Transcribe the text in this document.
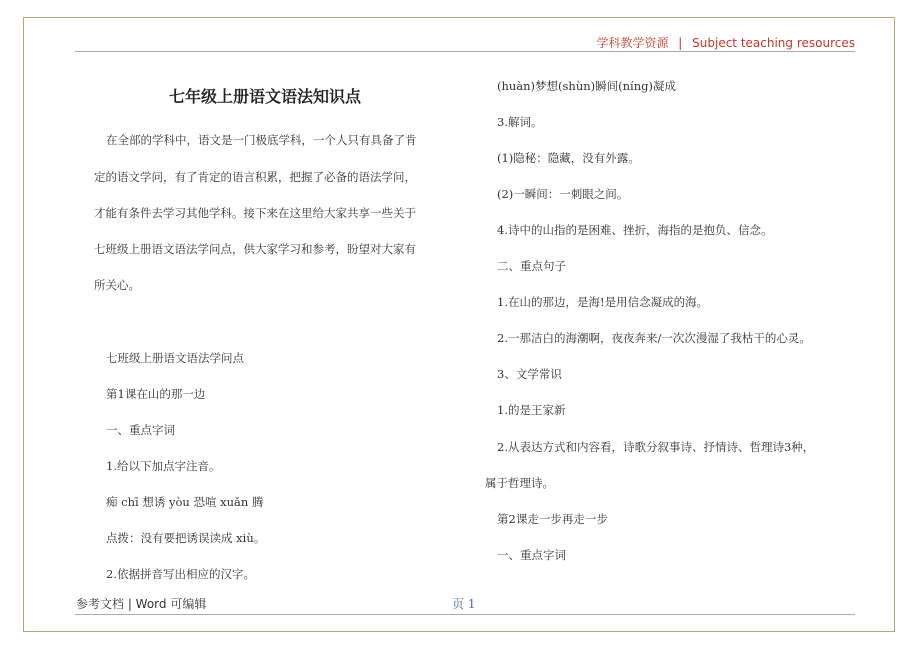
学科教学资源 | Subject teaching resources
七年级上册语文语法知识点
在全部的学科中，语文是一门极底学科，一个人只有具备了肯
定的语文学问，有了肯定的语言积累，把握了必备的语法学问，
才能有条件去学习其他学科。接下来在这里给大家共享一些关于
七班级上册语文语法学问点，供大家学习和参考，盼望对大家有
所关心。
七班级上册语文语法学问点
第1课在山的那一边
一、重点字词
1.给以下加点字注音。
痴 chī 想诱 yòu 恐喧 xuǎn 腾
点拨：没有要把诱误读成 xiù。
2.依据拼音写出相应的汉字。
(huàn)梦想(shùn)瞬间(níng)凝成
3.解词。
(1)隐秘：隐藏，没有外露。
(2)一瞬间：一刺眼之间。
4.诗中的山指的是困难、挫折，海指的是抱负、信念。
二、重点句子
1.在山的那边，是海!是用信念凝成的海。
2.一那洁白的海潮啊，夜夜奔来/一次次漫湿了我枯干的心灵。
3、文学常识
1.的是王家新
2.从表达方式和内容看，诗歌分叙事诗、抒情诗、哲理诗3种，
属于哲理诗。
第2课走一步再走一步
一、重点字词
参考文档 | Word 可编辑	页 1
